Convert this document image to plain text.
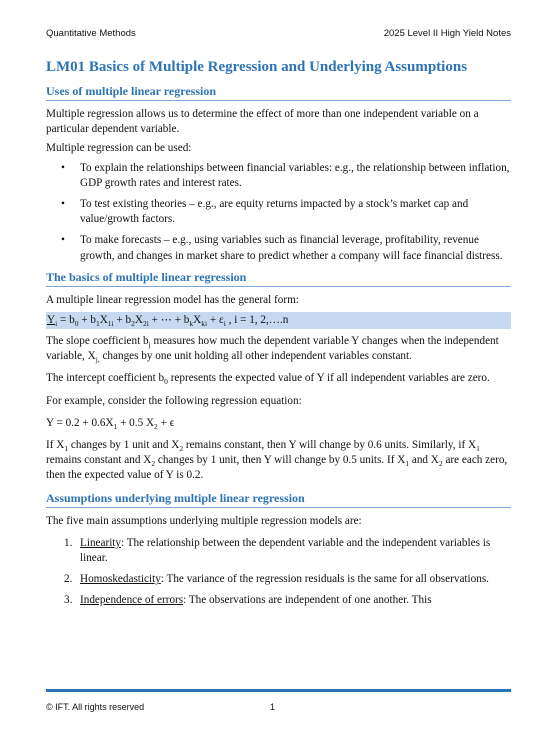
Quantitative Methods	2025 Level II High Yield Notes
LM01 Basics of Multiple Regression and Underlying Assumptions
Uses of multiple linear regression
Multiple regression allows us to determine the effect of more than one independent variable on a particular dependent variable.
Multiple regression can be used:
• To explain the relationships between financial variables: e.g., the relationship between inflation, GDP growth rates and interest rates.
• To test existing theories – e.g., are equity returns impacted by a stock’s market cap and value/growth factors.
• To make forecasts – e.g., using variables such as financial leverage, profitability, revenue growth, and changes in market share to predict whether a company will face financial distress.
The basics of multiple linear regression
A multiple linear regression model has the general form:
$Y_i = b_0 + b_1X_{1i} + b_2X_{2i}$ + ⋯ + $b_kX_{ki} + \varepsilon_i$ , i = 1, 2,….n
The slope coefficient $b_j$ measures how much the dependent variable Y changes when the independent variable, $X_{j,}$ changes by one unit holding all other independent variables constant.
The intercept coefficient $b_0$ represents the expected value of Y if all independent variables are zero.
For example, consider the following regression equation:
$Y = 0.2 + 0.6X_1 + 0.5$ $X_2 + \epsilon$
If $X_1$ changes by 1 unit and $X_2$ remains constant, then Y will change by 0.6 units. Similarly, if $X_1$ remains constant and $X_2$ changes by 1 unit, then Y will change by 0.5 units. If $X_1$ and $X_2$ are each zero, then the expected value of Y is 0.2.
Assumptions underlying multiple linear regression
The five main assumptions underlying multiple regression models are:
1. Linearity: The relationship between the dependent variable and the independent variables is linear.
2. Homoskedasticity: The variance of the regression residuals is the same for all observations.
3. Independence of errors: The observations are independent of one another. This
© IFT. All rights reserved	1
